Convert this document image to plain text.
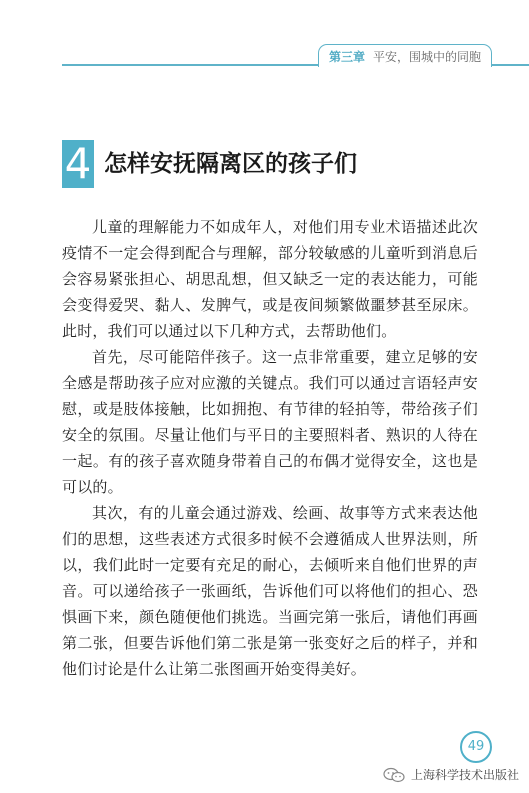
第三章 平安，围城中的同胞
4 怎样安抚隔离区的孩子们

儿童的理解能力不如成年人，对他们用专业术语描述此次疫情不一定会得到配合与理解，部分较敏感的儿童听到消息后会容易紧张担心、胡思乱想，但又缺乏一定的表达能力，可能会变得爱哭、黏人、发脾气，或是夜间频繁做噩梦甚至尿床。此时，我们可以通过以下几种方式，去帮助他们。

首先，尽可能陪伴孩子。这一点非常重要，建立足够的安全感是帮助孩子应对应激的关键点。我们可以通过言语轻声安慰，或是肢体接触，比如拥抱、有节律的轻拍等，带给孩子们安全的氛围。尽量让他们与平日的主要照料者、熟识的人待在一起。有的孩子喜欢随身带着自己的布偶才觉得安全，这也是可以的。

其次，有的儿童会通过游戏、绘画、故事等方式来表达他们的思想，这些表述方式很多时候不会遵循成人世界法则，所以，我们此时一定要有充足的耐心，去倾听来自他们世界的声音。可以递给孩子一张画纸，告诉他们可以将他们的担心、恐惧画下来，颜色随便他们挑选。当画完第一张后，请他们再画第二张，但要告诉他们第二张是第一张变好之后的样子，并和他们讨论是什么让第二张图画开始变得美好。

49
上海科学技术出版社
